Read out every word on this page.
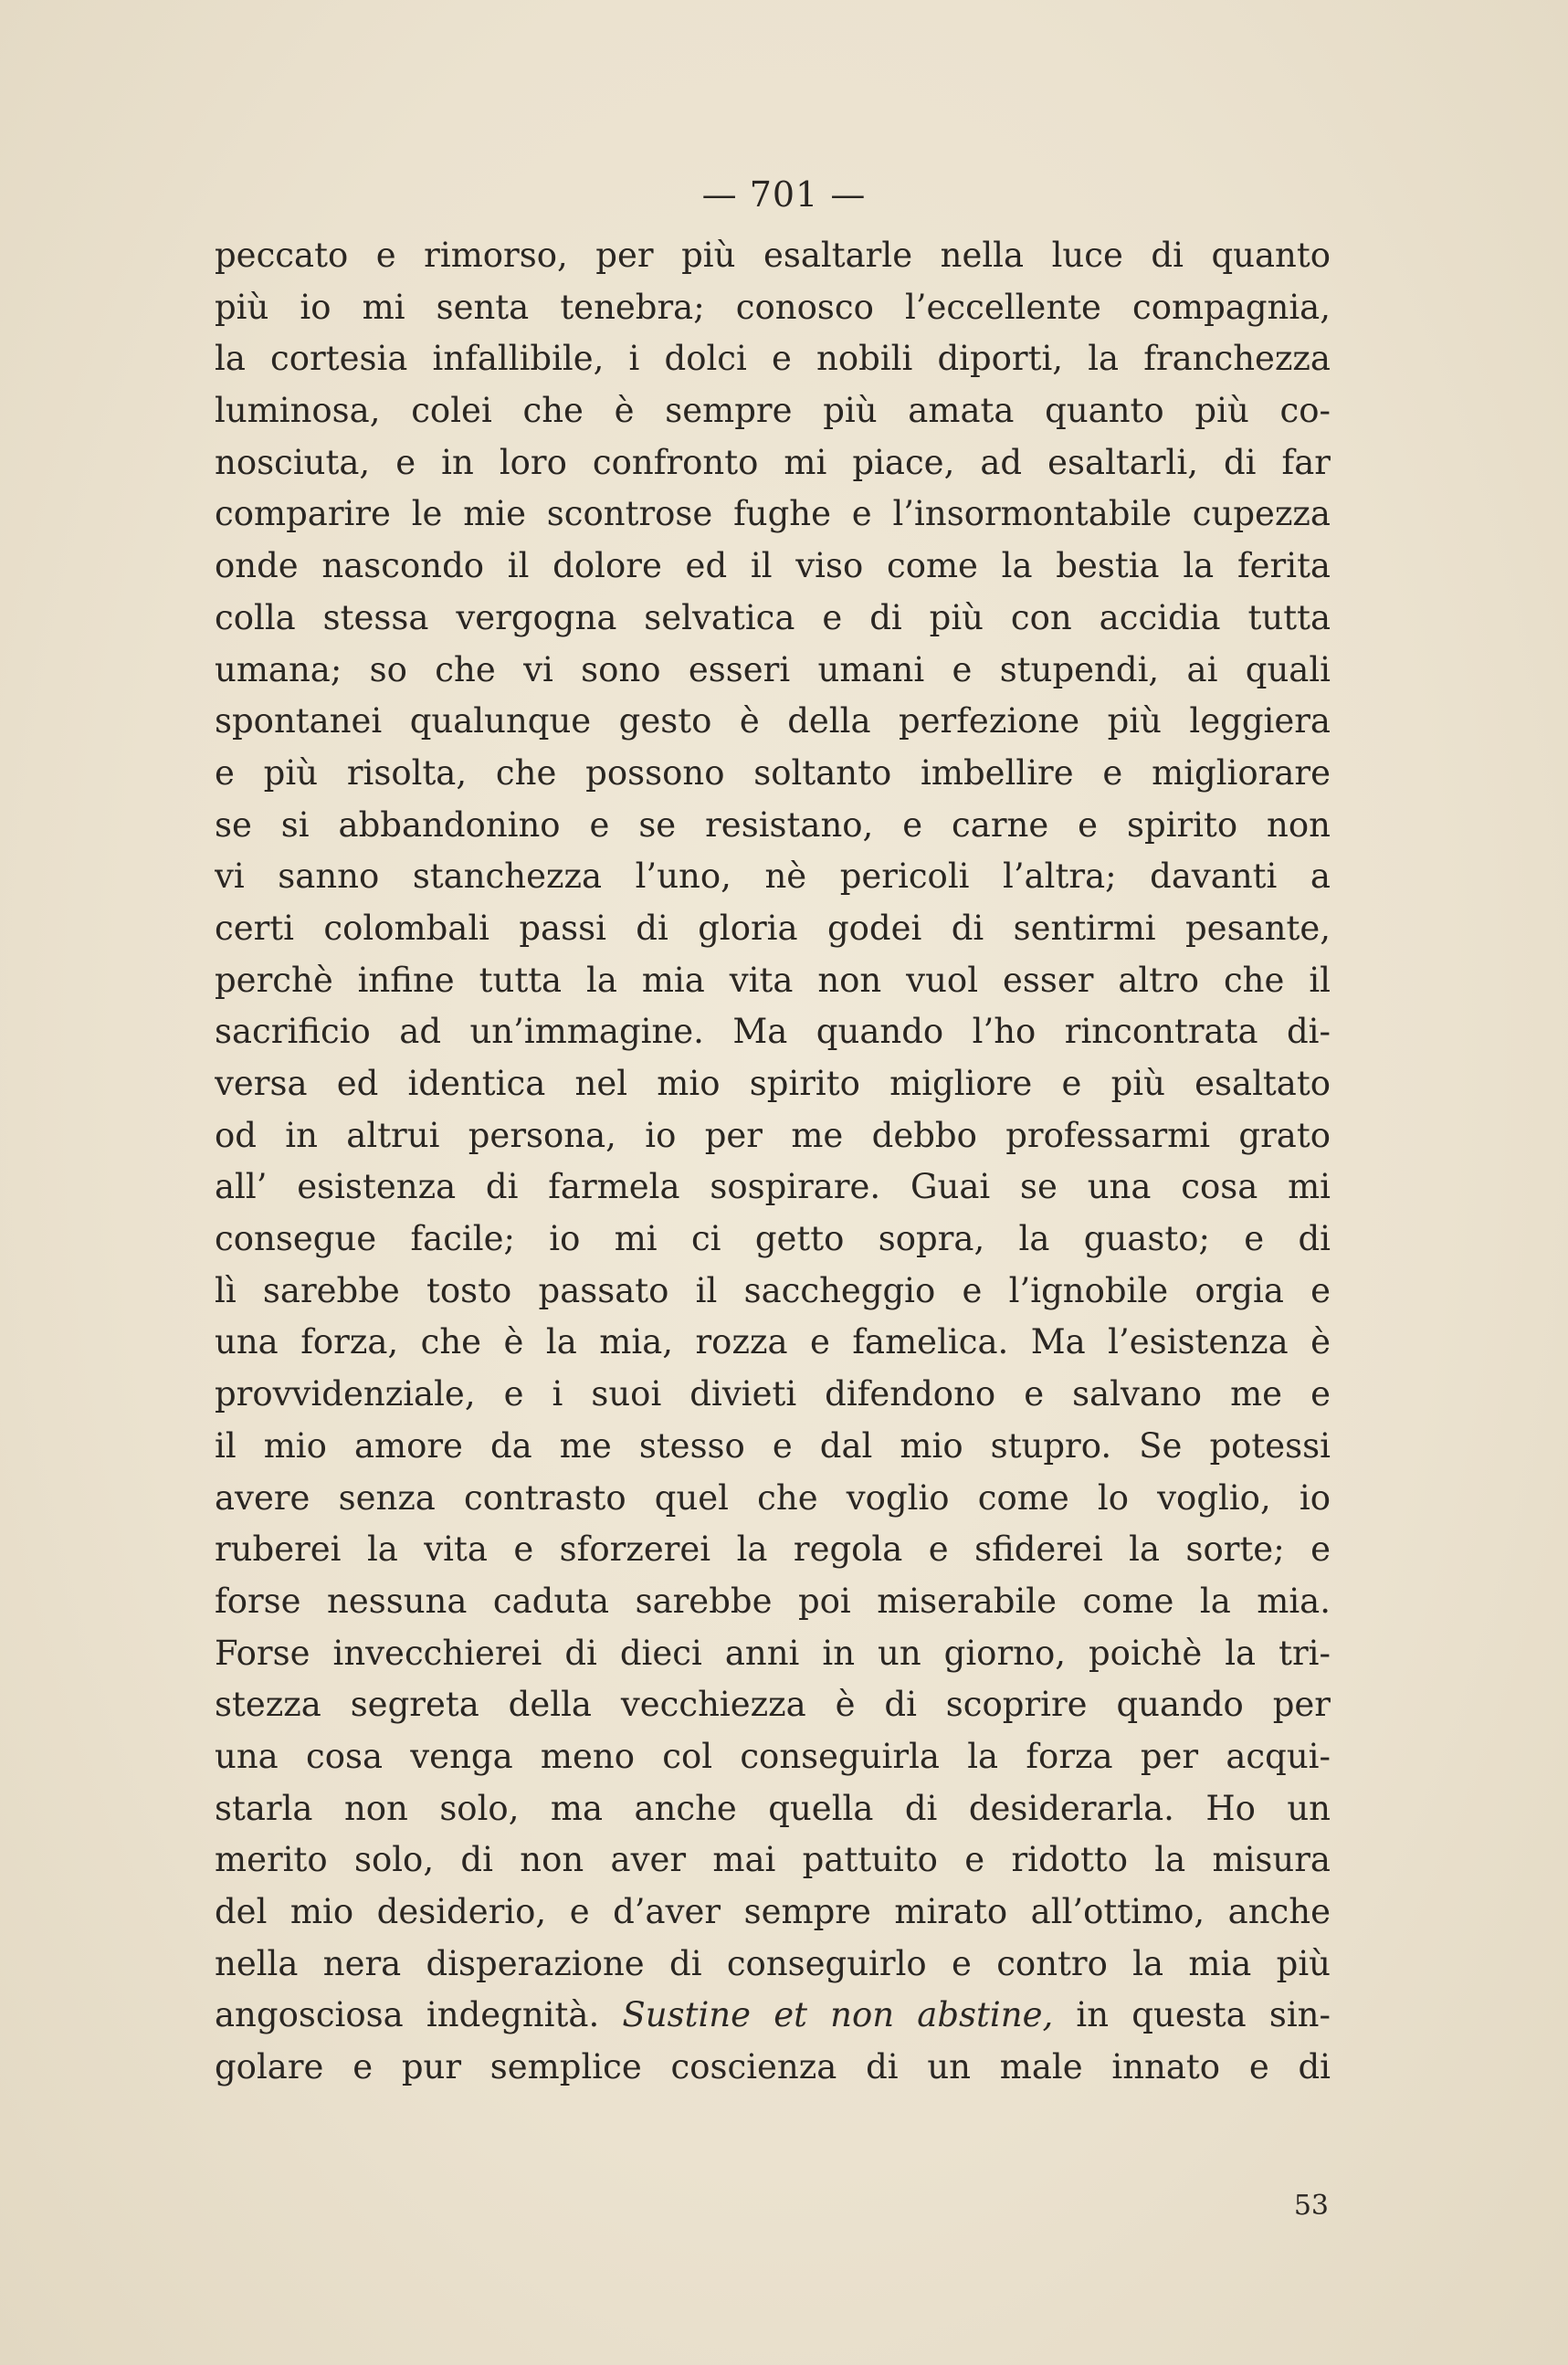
— 701 —
peccato e rimorso, per più esaltarle nella luce di quanto
più io mi senta tenebra; conosco l’eccellente compagnia,
la cortesia infallibile, i dolci e nobili diporti, la franchezza
luminosa, colei che è sempre più amata quanto più co-
nosciuta, e in loro confronto mi piace, ad esaltarli, di far
comparire le mie scontrose fughe e l’insormontabile cupezza
onde nascondo il dolore ed il viso come la bestia la ferita
colla stessa vergogna selvatica e di più con accidia tutta
umana; so che vi sono esseri umani e stupendi, ai quali
spontanei qualunque gesto è della perfezione più leggiera
e più risolta, che possono soltanto imbellire e migliorare
se si abbandonino e se resistano, e carne e spirito non
vi sanno stanchezza l’uno, nè pericoli l’altra; davanti a
certi colombali passi di gloria godei di sentirmi pesante,
perchè infine tutta la mia vita non vuol esser altro che il
sacrificio ad un’immagine. Ma quando l’ho rincontrata di-
versa ed identica nel mio spirito migliore e più esaltato
od in altrui persona, io per me debbo professarmi grato
all’ esistenza di farmela sospirare. Guai se una cosa mi
consegue facile; io mi ci getto sopra, la guasto; e di
lì sarebbe tosto passato il saccheggio e l’ignobile orgia e
una forza, che è la mia, rozza e famelica. Ma l’esistenza è
provvidenziale, e i suoi divieti difendono e salvano me e
il mio amore da me stesso e dal mio stupro. Se potessi
avere senza contrasto quel che voglio come lo voglio, io
ruberei la vita e sforzerei la regola e sfiderei la sorte; e
forse nessuna caduta sarebbe poi miserabile come la mia.
Forse invecchierei di dieci anni in un giorno, poichè la tri-
stezza segreta della vecchiezza è di scoprire quando per
una cosa venga meno col conseguirla la forza per acqui-
starla non solo, ma anche quella di desiderarla. Ho un
merito solo, di non aver mai pattuito e ridotto la misura
del mio desiderio, e d’aver sempre mirato all’ottimo, anche
nella nera disperazione di conseguirlo e contro la mia più
angosciosa indegnità. Sustine et non abstine, in questa sin-
golare e pur semplice coscienza di un male innato e di
53
